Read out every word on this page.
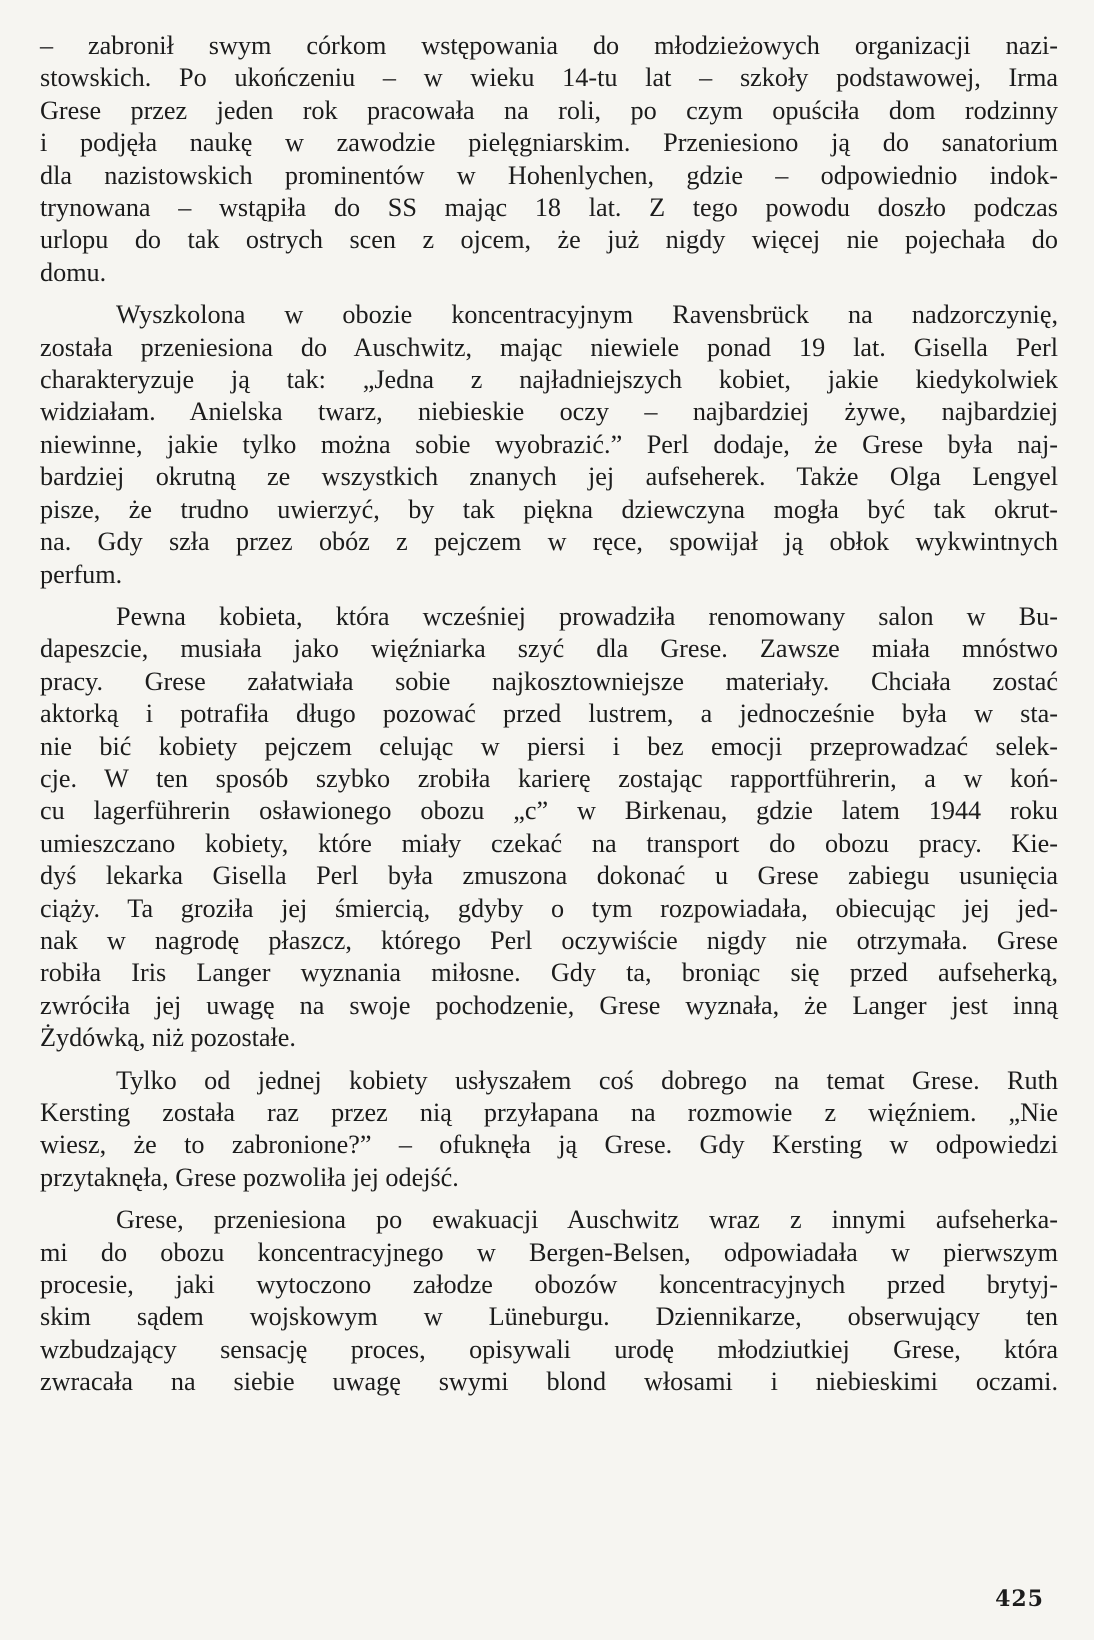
– zabronił swym córkom wstępowania do młodzieżowych organizacji nazi-
stowskich. Po ukończeniu – w wieku 14-tu lat – szkoły podstawowej, Irma
Grese przez jeden rok pracowała na roli, po czym opuściła dom rodzinny
i podjęła naukę w zawodzie pielęgniarskim. Przeniesiono ją do sanatorium
dla nazistowskich prominentów w Hohenlychen, gdzie – odpowiednio indok-
trynowana – wstąpiła do SS mając 18 lat. Z tego powodu doszło podczas
urlopu do tak ostrych scen z ojcem, że już nigdy więcej nie pojechała do
domu.

Wyszkolona w obozie koncentracyjnym Ravensbrück na nadzorczynię,
została przeniesiona do Auschwitz, mając niewiele ponad 19 lat. Gisella Perl
charakteryzuje ją tak: „Jedna z najładniejszych kobiet, jakie kiedykolwiek
widziałam. Anielska twarz, niebieskie oczy – najbardziej żywe, najbardziej
niewinne, jakie tylko można sobie wyobrazić.” Perl dodaje, że Grese była naj-
bardziej okrutną ze wszystkich znanych jej aufseherek. Także Olga Lengyel
pisze, że trudno uwierzyć, by tak piękna dziewczyna mogła być tak okrut-
na. Gdy szła przez obóz z pejczem w ręce, spowijał ją obłok wykwintnych
perfum.

Pewna kobieta, która wcześniej prowadziła renomowany salon w Bu-
dapeszcie, musiała jako więźniarka szyć dla Grese. Zawsze miała mnóstwo
pracy. Grese załatwiała sobie najkosztowniejsze materiały. Chciała zostać
aktorką i potrafiła długo pozować przed lustrem, a jednocześnie była w sta-
nie bić kobiety pejczem celując w piersi i bez emocji przeprowadzać selek-
cje. W ten sposób szybko zrobiła karierę zostając rapportführerin, a w koń-
cu lagerführerin osławionego obozu „c” w Birkenau, gdzie latem 1944 roku
umieszczano kobiety, które miały czekać na transport do obozu pracy. Kie-
dyś lekarka Gisella Perl była zmuszona dokonać u Grese zabiegu usunięcia
ciąży. Ta groziła jej śmiercią, gdyby o tym rozpowiadała, obiecując jej jed-
nak w nagrodę płaszcz, którego Perl oczywiście nigdy nie otrzymała. Grese
robiła Iris Langer wyznania miłosne. Gdy ta, broniąc się przed aufseherką,
zwróciła jej uwagę na swoje pochodzenie, Grese wyznała, że Langer jest inną
Żydówką, niż pozostałe.

Tylko od jednej kobiety usłyszałem coś dobrego na temat Grese. Ruth
Kersting została raz przez nią przyłapana na rozmowie z więźniem. „Nie
wiesz, że to zabronione?” – ofuknęła ją Grese. Gdy Kersting w odpowiedzi
przytaknęła, Grese pozwoliła jej odejść.

Grese, przeniesiona po ewakuacji Auschwitz wraz z innymi aufseherka-
mi do obozu koncentracyjnego w Bergen-Belsen, odpowiadała w pierwszym
procesie, jaki wytoczono załodze obozów koncentracyjnych przed brytyj-
skim sądem wojskowym w Lüneburgu. Dziennikarze, obserwujący ten
wzbudzający sensację proces, opisywali urodę młodziutkiej Grese, która
zwracała na siebie uwagę swymi blond włosami i niebieskimi oczami.

425
